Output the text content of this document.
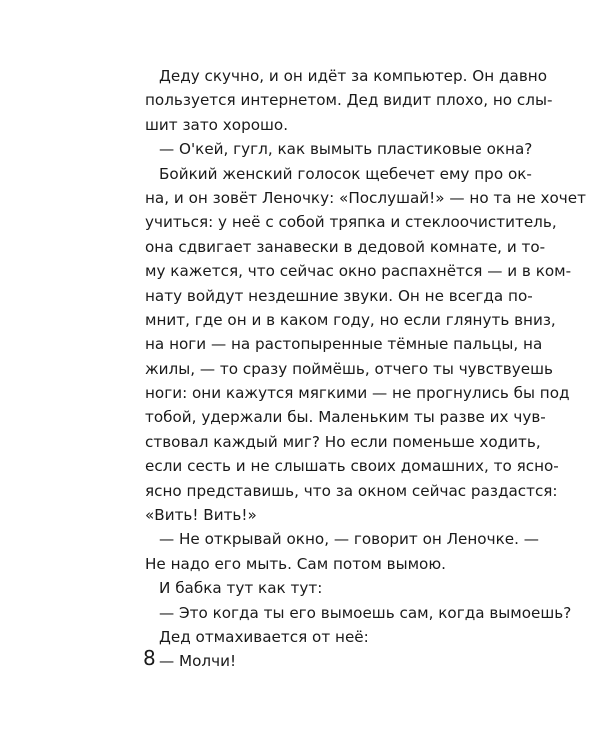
Деду скучно, и он идёт за компьютер. Он давно
пользуется интернетом. Дед видит плохо, но слы-
шит зато хорошо.
— О'кей, гугл, как вымыть пластиковые окна?
Бойкий женский голосок щебечет ему про ок-
на, и он зовёт Леночку: «Послушай!» — но та не хочет
учиться: у неё с собой тряпка и стеклоочиститель,
она сдвигает занавески в дедовой комнате, и то-
му кажется, что сейчас окно распахнётся — и в ком-
нату войдут нездешние звуки. Он не всегда по-
мнит, где он и в каком году, но если глянуть вниз,
на ноги — на растопыренные тёмные пальцы, на
жилы, — то сразу поймёшь, отчего ты чувствуешь
ноги: они кажутся мягкими — не прогнулись бы под
тобой, удержали бы. Маленьким ты разве их чув-
ствовал каждый миг? Но если поменьше ходить,
если сесть и не слышать своих домашних, то ясно-
ясно представишь, что за окном сейчас раздастся:
«Вить! Вить!»
— Не открывай окно, — говорит он Леночке. —
Не надо его мыть. Сам потом вымою.
И бабка тут как тут:
— Это когда ты его вымоешь сам, когда вымоешь?
Дед отмахивается от неё:
— Молчи!
8
